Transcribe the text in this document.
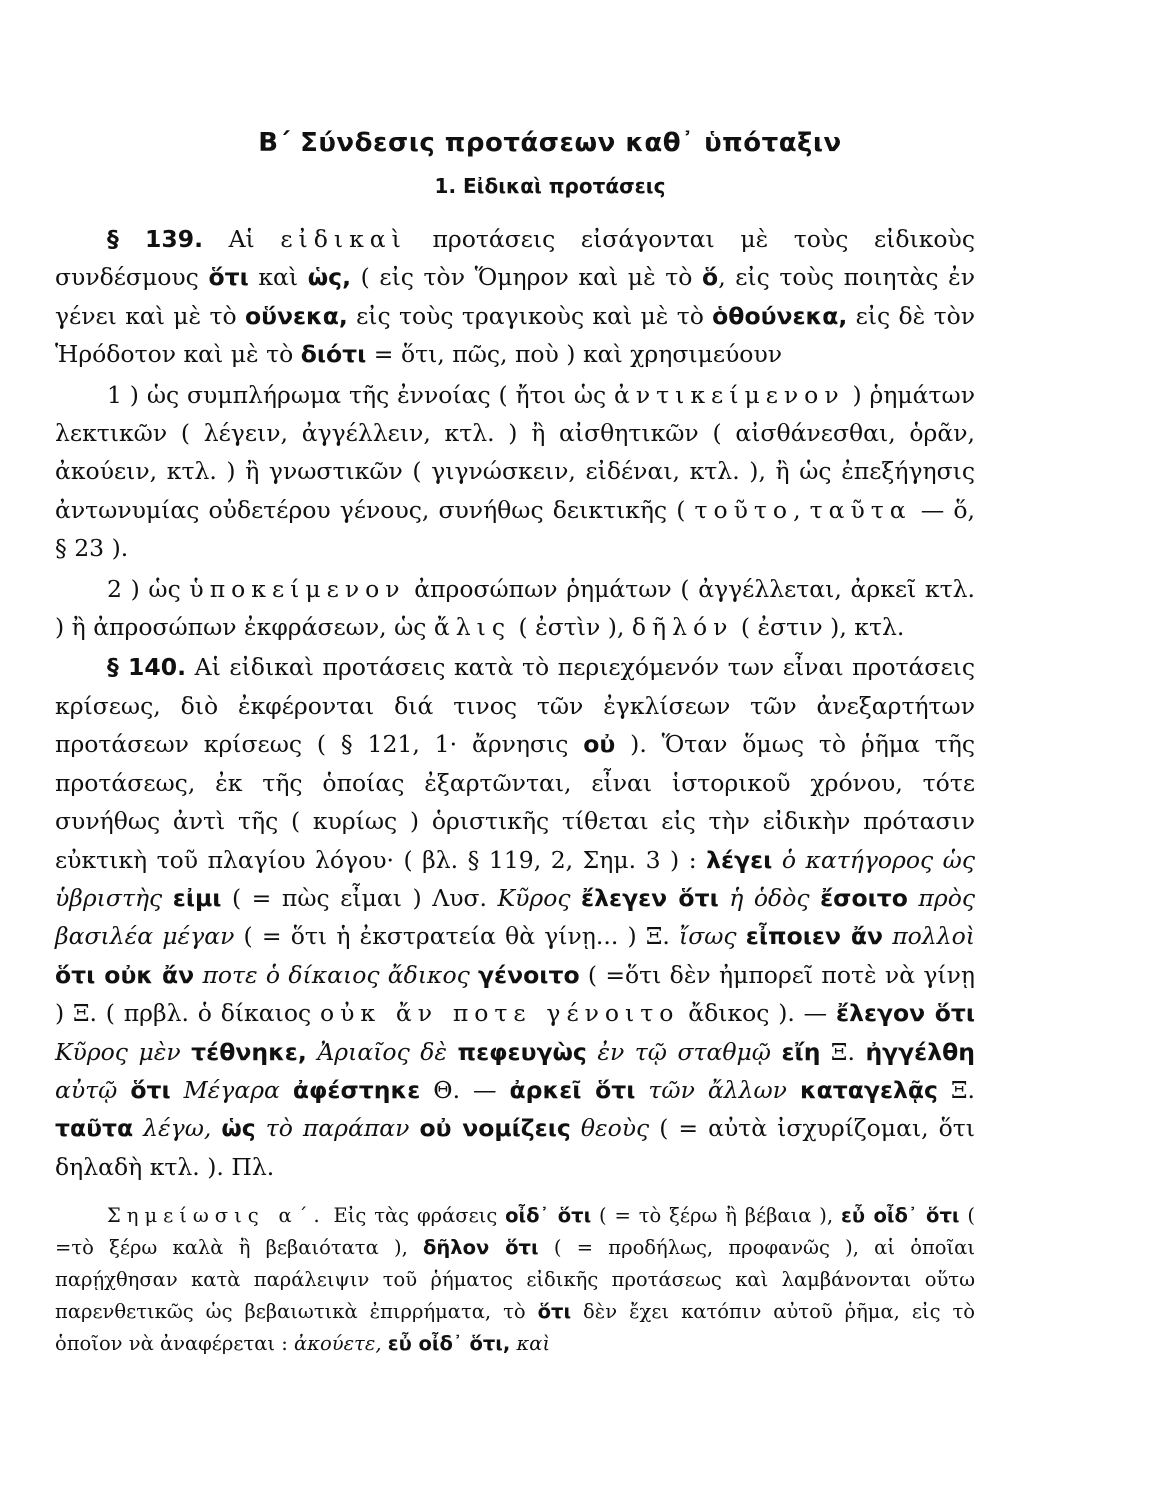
Β΄ Σύνδεσις προτάσεων καθ᾿ ὑπόταξιν
1. Εἰδικαὶ προτάσεις

§ 139. Αἱ εἰδικαὶ προτάσεις εἰσάγονται μὲ τοὺς εἰδικοὺς συνδέσμους ὅτι καὶ ὡς, ( εἰς τὸν Ὅμηρον καὶ μὲ τὸ ὅ, εἰς τοὺς ποιητὰς ἐν γένει καὶ μὲ τὸ οὕνεκα, εἰς τοὺς τραγικοὺς καὶ μὲ τὸ ὁθούνεκα, εἰς δὲ τὸν Ἡρόδοτον καὶ μὲ τὸ διότι = ὅτι, πῶς, ποὺ ) καὶ χρησιμεύουν

1 ) ὡς συμπλήρωμα τῆς ἐννοίας ( ἤτοι ὡς ἀντικείμενον ) ῥημάτων λεκτικῶν ( λέγειν, ἀγγέλλειν, κτλ. ) ἢ αἰσθητικῶν ( αἰσθάνεσθαι, ὁρᾶν, ἀκούειν, κτλ. ) ἢ γνωστικῶν ( γιγνώσκειν, εἰδέναι, κτλ. ), ἢ ὡς ἐπεξήγησις ἀντωνυμίας οὐδετέρου γένους, συνήθως δεικτικῆς ( τοῦτο, ταῦτα — ὅ, § 23 ).

2 ) ὡς ὑποκείμενον ἀπροσώπων ῥημάτων ( ἀγγέλλεται, ἀρκεῖ κτλ. ) ἢ ἀπροσώπων ἐκφράσεων, ὡς ἄλις ( ἐστὶν ), δῆλόν ( ἐστιν ), κτλ.

§ 140. Αἱ εἰδικαὶ προτάσεις κατὰ τὸ περιεχόμενόν των εἶναι προτάσεις κρίσεως, διὸ ἐκφέρονται διά τινος τῶν ἐγκλίσεων τῶν ἀνεξαρτήτων προτάσεων κρίσεως ( § 121, 1· ἄρνησις οὐ ). Ὅταν ὅμως τὸ ῥῆμα τῆς προτάσεως, ἐκ τῆς ὁποίας ἐξαρτῶνται, εἶναι ἱστορικοῦ χρόνου, τότε συνήθως ἀντὶ τῆς ( κυρίως ) ὁριστικῆς τίθεται εἰς τὴν εἰδικὴν πρότασιν εὐκτικὴ τοῦ πλαγίου λόγου· ( βλ. § 119, 2, Σημ. 3 ) : λέγει ὁ κατήγορος ὡς ὑβριστὴς εἰμι ( = πὼς εἶμαι ) Λυσ. Κῦρος ἔλεγεν ὅτι ἡ ὁδὸς ἔσοιτο πρὸς βασιλέα μέγαν ( = ὅτι ἡ ἐκστρατεία θὰ γίνῃ... ) Ξ. ἴσως εἶποιεν ἄν πολλοὶ ὅτι οὐκ ἄν ποτε ὁ δίκαιος ἄδικος γένοιτο ( =ὅτι δὲν ἠμπορεῖ ποτὲ νὰ γίνῃ ) Ξ. ( πρβλ. ὁ δίκαιος οὐκ ἄν ποτε γένοιτο ἄδικος ). — ἔλεγον ὅτι Κῦρος μὲν τέθνηκε, Ἀριαῖος δὲ πεφευγὼς ἐν τῷ σταθμῷ εἴη Ξ. ἠγγέλθη αὐτῷ ὅτι Μέγαρα ἀφέστηκε Θ. — ἀρκεῖ ὅτι τῶν ἄλλων καταγελᾷς Ξ. ταῦτα λέγω, ὡς τὸ παράπαν οὐ νομίζεις θεοὺς ( = αὐτὰ ἰσχυρίζομαι, ὅτι δηλαδὴ κτλ. ). Πλ.

Σημείωσις α΄. Εἰς τὰς φράσεις οἶδ᾿ ὅτι ( = τὸ ξέρω ἢ βέβαια ), εὖ οἶδ᾿ ὅτι ( =τὸ ξέρω καλὰ ἢ βεβαιότατα ), δῆλον ὅτι ( = προδήλως, προφανῶς ), αἱ ὁποῖαι παρῄχθησαν κατὰ παράλειψιν τοῦ ῥήματος εἰδικῆς προτάσεως καὶ λαμβάνονται οὕτω παρενθετικῶς ὡς βεβαιωτικὰ ἐπιρρήματα, τὸ ὅτι δὲν ἔχει κατόπιν αὐτοῦ ῥῆμα, εἰς τὸ ὁποῖον νὰ ἀναφέρεται : ἀκούετε, εὖ οἶδ᾿ ὅτι, καὶ
